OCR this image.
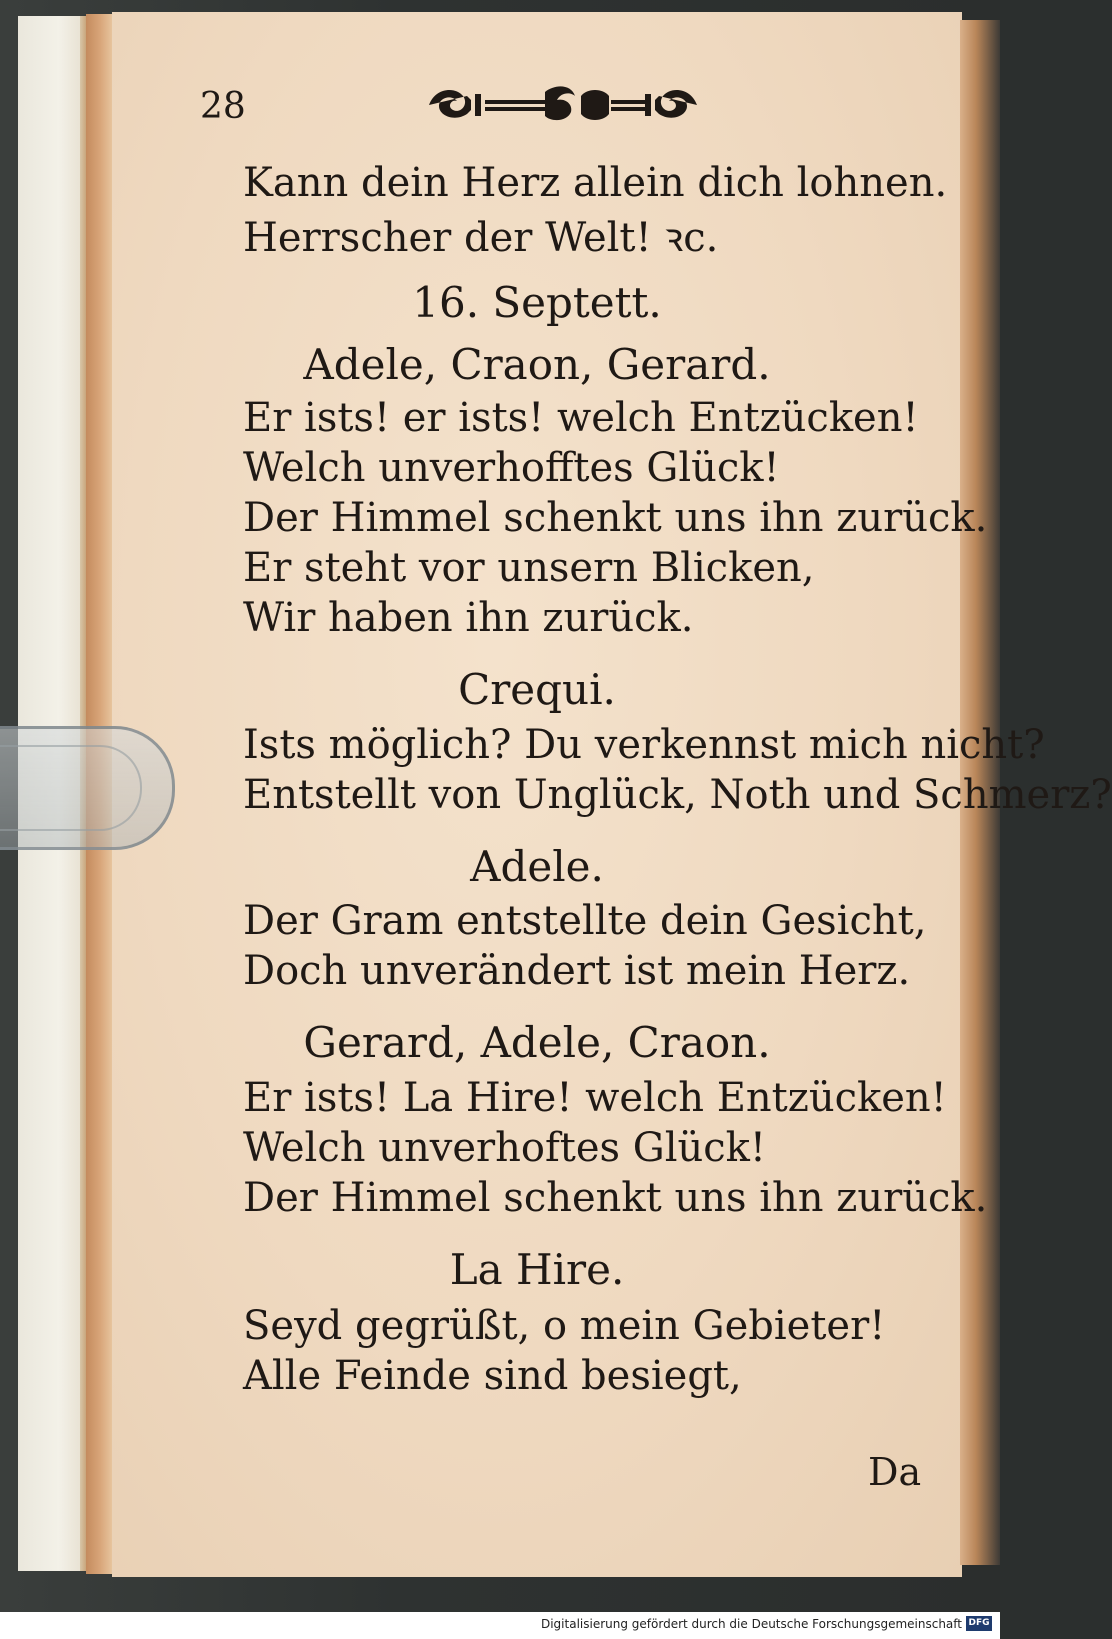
28
Kann dein Herz allein dich lohnen.
Herrscher der Welt! ꝛc.
16. Septett.
Adele, Craon, Gerard.
Er ists! er ists! welch Entzücken!
Welch unverhofftes Glück!
Der Himmel schenkt uns ihn zurück.
Er steht vor unsern Blicken,
Wir haben ihn zurück.
Crequi.
Ists möglich? Du verkennst mich nicht?
Entstellt von Unglück, Noth und Schmerz?
Adele.
Der Gram entstellte dein Gesicht,
Doch unverändert ist mein Herz.
Gerard, Adele, Craon.
Er ists! La Hire! welch Entzücken!
Welch unverhoftes Glück!
Der Himmel schenkt uns ihn zurück.
La Hire.
Seyd gegrüßt, o mein Gebieter!
Alle Feinde sind besiegt,
Da
Digitalisierung gefördert durch die Deutsche Forschungsgemeinschaft DFG
